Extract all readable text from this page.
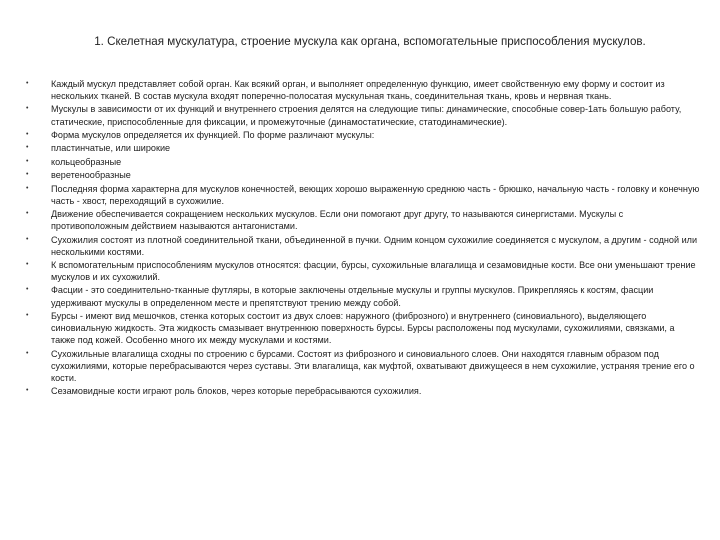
1. Скелетная мускулатура, строение мускула как органа, вспомогательные приспособления мускулов.
• Каждый мускул представляет собой орган. Как всякий орган, и выполняет определенную функцию, имеет свойственную ему форму и состоит из нескольких тканей. В состав мускула входят поперечно-полосатая мускульная ткань, соединительная ткань, кровь и нервная ткань.
• Мускулы в зависимости от их функций и внутреннего строения делятся на следующие типы: динамические, способные совер-1ать большую работу, статические, приспособленные для фиксации, и промежуточные (динамостатические, статодинамические).
• Форма мускулов определяется их функцией. По форме различают мускулы:
• пластинчатые, или широкие
• кольцеобразные
• веретенообразные
• Последняя форма характерна для мускулов конечностей, веющих хорошо выраженную среднюю часть - брюшко, начальную часть - головку и конечную часть - хвост, переходящий в сухожилие.
• Движение обеспечивается сокращением нескольких мускулов. Если они помогают друг другу, то называются синергистами. Мускулы с противоположным действием называются антагонистами.
• Сухожилия состоят из плотной соединительной ткани, объединенной в пучки. Одним концом сухожилие соединяется с мускулом, а другим - содной или несколькими костями.
• К вспомогательным приспособлениям мускулов относятся: фасции, бурсы, сухожильные влагалища и сезамовидные кости. Все они уменьшают трение мускулов и их сухожилий.
• Фасции - это соединительно-тканные футляры, в которые заключены отдельные мускулы и группы мускулов. Прикрепляясь к костям, фасции удерживают мускулы в определенном месте и препятствуют трению между собой.
• Бурсы - имеют вид мешочков, стенка которых состоит из двух слоев: наружного (фиброзного) и внутреннего (синовиального), выделяющего синовиальную жидкость. Эта жидкость смазывает внутреннюю поверхность бурсы. Бурсы расположены под мускулами, сухожилиями, связками, а также под кожей. Особенно много их между мускулами и костями.
• Сухожильные влагалища сходны по строению с бурсами. Состоят из фиброзного и синовиального слоев. Они находятся главным образом под сухожилиями, которые перебрасываются через суставы. Эти влагалища, как муфтой, охватывают движущееся в нем сухожилие, устраняя трение его о кости.
• Сезамовидные кости играют роль блоков, через которые перебрасываются сухожилия.
